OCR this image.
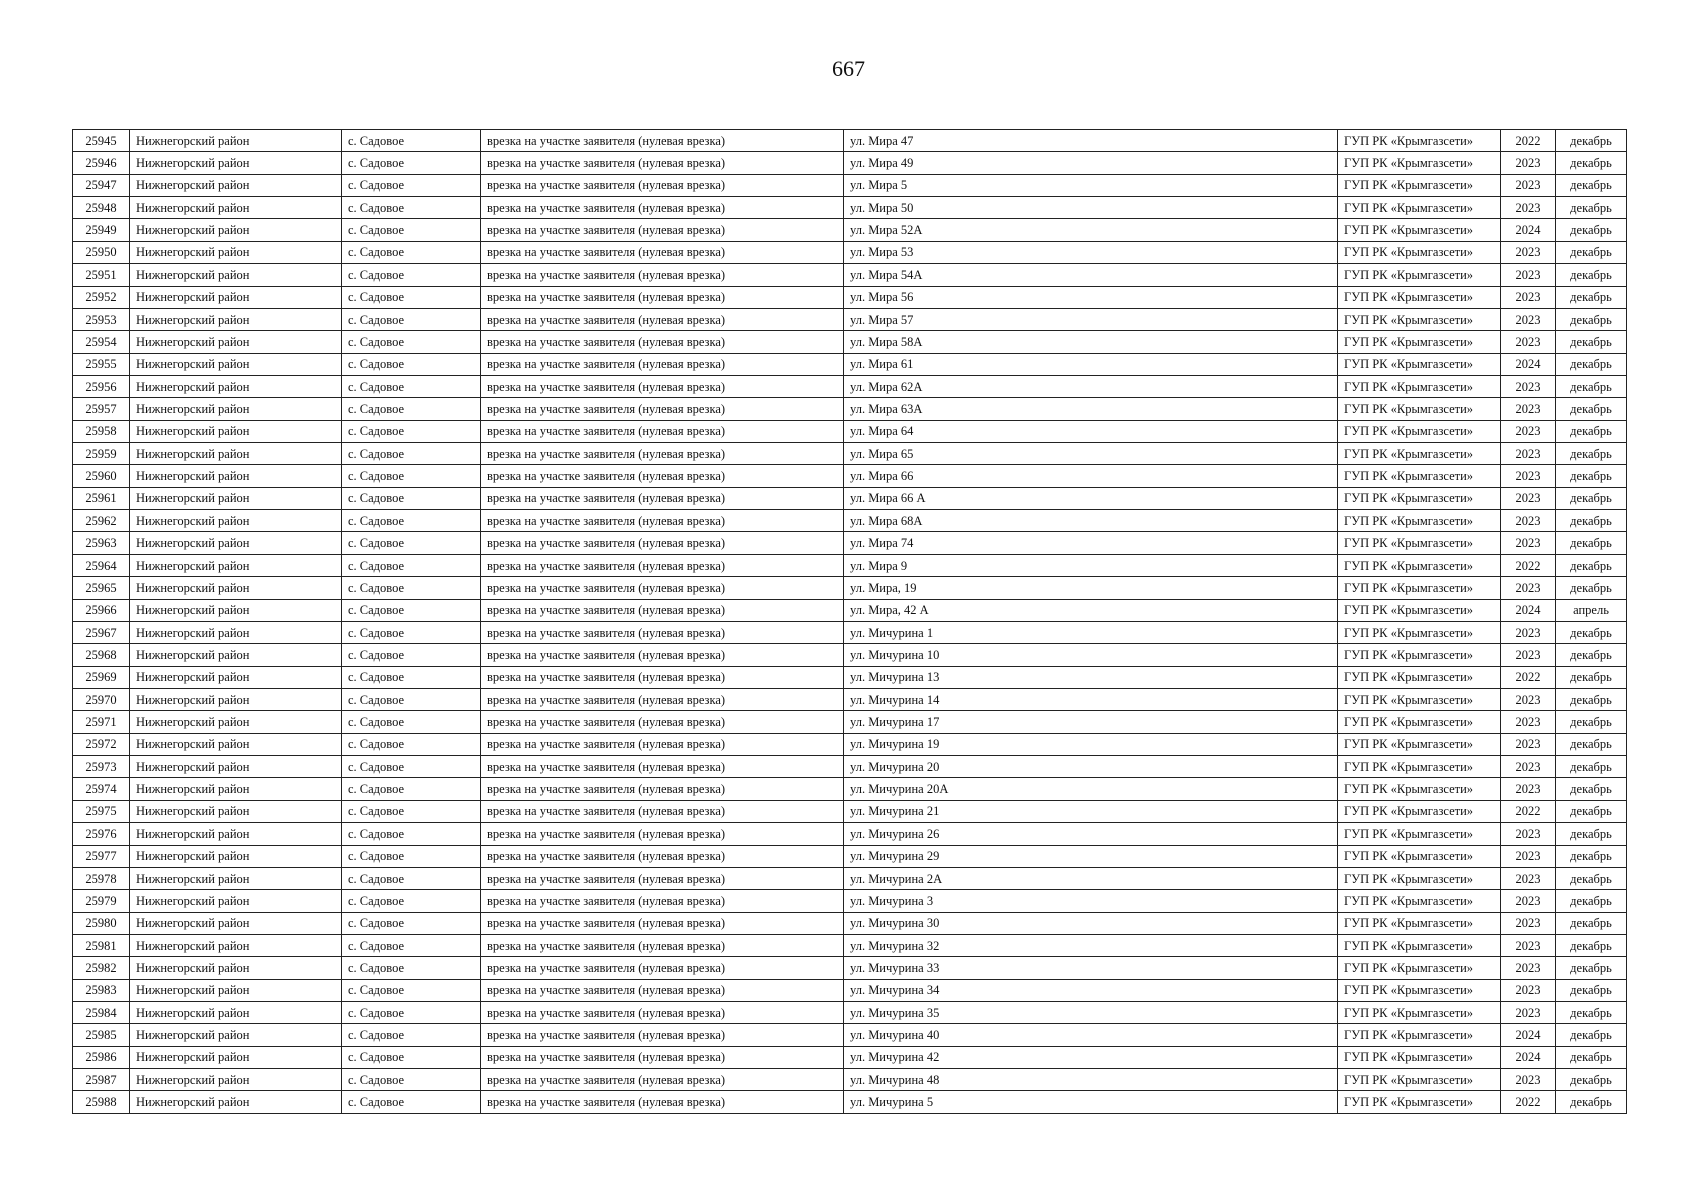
667
25945	Нижнегорский район	с. Садовое	врезка на участке заявителя (нулевая врезка)	ул. Мира 47	ГУП РК «Крымгазсети»	2022	декабрь
25946	Нижнегорский район	с. Садовое	врезка на участке заявителя (нулевая врезка)	ул. Мира 49	ГУП РК «Крымгазсети»	2023	декабрь
25947	Нижнегорский район	с. Садовое	врезка на участке заявителя (нулевая врезка)	ул. Мира 5	ГУП РК «Крымгазсети»	2023	декабрь
25948	Нижнегорский район	с. Садовое	врезка на участке заявителя (нулевая врезка)	ул. Мира 50	ГУП РК «Крымгазсети»	2023	декабрь
25949	Нижнегорский район	с. Садовое	врезка на участке заявителя (нулевая врезка)	ул. Мира 52А	ГУП РК «Крымгазсети»	2024	декабрь
25950	Нижнегорский район	с. Садовое	врезка на участке заявителя (нулевая врезка)	ул. Мира 53	ГУП РК «Крымгазсети»	2023	декабрь
25951	Нижнегорский район	с. Садовое	врезка на участке заявителя (нулевая врезка)	ул. Мира 54А	ГУП РК «Крымгазсети»	2023	декабрь
25952	Нижнегорский район	с. Садовое	врезка на участке заявителя (нулевая врезка)	ул. Мира 56	ГУП РК «Крымгазсети»	2023	декабрь
25953	Нижнегорский район	с. Садовое	врезка на участке заявителя (нулевая врезка)	ул. Мира 57	ГУП РК «Крымгазсети»	2023	декабрь
25954	Нижнегорский район	с. Садовое	врезка на участке заявителя (нулевая врезка)	ул. Мира 58А	ГУП РК «Крымгазсети»	2023	декабрь
25955	Нижнегорский район	с. Садовое	врезка на участке заявителя (нулевая врезка)	ул. Мира 61	ГУП РК «Крымгазсети»	2024	декабрь
25956	Нижнегорский район	с. Садовое	врезка на участке заявителя (нулевая врезка)	ул. Мира 62А	ГУП РК «Крымгазсети»	2023	декабрь
25957	Нижнегорский район	с. Садовое	врезка на участке заявителя (нулевая врезка)	ул. Мира 63А	ГУП РК «Крымгазсети»	2023	декабрь
25958	Нижнегорский район	с. Садовое	врезка на участке заявителя (нулевая врезка)	ул. Мира 64	ГУП РК «Крымгазсети»	2023	декабрь
25959	Нижнегорский район	с. Садовое	врезка на участке заявителя (нулевая врезка)	ул. Мира 65	ГУП РК «Крымгазсети»	2023	декабрь
25960	Нижнегорский район	с. Садовое	врезка на участке заявителя (нулевая врезка)	ул. Мира 66	ГУП РК «Крымгазсети»	2023	декабрь
25961	Нижнегорский район	с. Садовое	врезка на участке заявителя (нулевая врезка)	ул. Мира 66 А	ГУП РК «Крымгазсети»	2023	декабрь
25962	Нижнегорский район	с. Садовое	врезка на участке заявителя (нулевая врезка)	ул. Мира 68А	ГУП РК «Крымгазсети»	2023	декабрь
25963	Нижнегорский район	с. Садовое	врезка на участке заявителя (нулевая врезка)	ул. Мира 74	ГУП РК «Крымгазсети»	2023	декабрь
25964	Нижнегорский район	с. Садовое	врезка на участке заявителя (нулевая врезка)	ул. Мира 9	ГУП РК «Крымгазсети»	2022	декабрь
25965	Нижнегорский район	с. Садовое	врезка на участке заявителя (нулевая врезка)	ул. Мира, 19	ГУП РК «Крымгазсети»	2023	декабрь
25966	Нижнегорский район	с. Садовое	врезка на участке заявителя (нулевая врезка)	ул. Мира, 42 А	ГУП РК «Крымгазсети»	2024	апрель
25967	Нижнегорский район	с. Садовое	врезка на участке заявителя (нулевая врезка)	ул. Мичурина 1	ГУП РК «Крымгазсети»	2023	декабрь
25968	Нижнегорский район	с. Садовое	врезка на участке заявителя (нулевая врезка)	ул. Мичурина 10	ГУП РК «Крымгазсети»	2023	декабрь
25969	Нижнегорский район	с. Садовое	врезка на участке заявителя (нулевая врезка)	ул. Мичурина 13	ГУП РК «Крымгазсети»	2022	декабрь
25970	Нижнегорский район	с. Садовое	врезка на участке заявителя (нулевая врезка)	ул. Мичурина 14	ГУП РК «Крымгазсети»	2023	декабрь
25971	Нижнегорский район	с. Садовое	врезка на участке заявителя (нулевая врезка)	ул. Мичурина 17	ГУП РК «Крымгазсети»	2023	декабрь
25972	Нижнегорский район	с. Садовое	врезка на участке заявителя (нулевая врезка)	ул. Мичурина 19	ГУП РК «Крымгазсети»	2023	декабрь
25973	Нижнегорский район	с. Садовое	врезка на участке заявителя (нулевая врезка)	ул. Мичурина 20	ГУП РК «Крымгазсети»	2023	декабрь
25974	Нижнегорский район	с. Садовое	врезка на участке заявителя (нулевая врезка)	ул. Мичурина 20А	ГУП РК «Крымгазсети»	2023	декабрь
25975	Нижнегорский район	с. Садовое	врезка на участке заявителя (нулевая врезка)	ул. Мичурина 21	ГУП РК «Крымгазсети»	2022	декабрь
25976	Нижнегорский район	с. Садовое	врезка на участке заявителя (нулевая врезка)	ул. Мичурина 26	ГУП РК «Крымгазсети»	2023	декабрь
25977	Нижнегорский район	с. Садовое	врезка на участке заявителя (нулевая врезка)	ул. Мичурина 29	ГУП РК «Крымгазсети»	2023	декабрь
25978	Нижнегорский район	с. Садовое	врезка на участке заявителя (нулевая врезка)	ул. Мичурина 2А	ГУП РК «Крымгазсети»	2023	декабрь
25979	Нижнегорский район	с. Садовое	врезка на участке заявителя (нулевая врезка)	ул. Мичурина 3	ГУП РК «Крымгазсети»	2023	декабрь
25980	Нижнегорский район	с. Садовое	врезка на участке заявителя (нулевая врезка)	ул. Мичурина 30	ГУП РК «Крымгазсети»	2023	декабрь
25981	Нижнегорский район	с. Садовое	врезка на участке заявителя (нулевая врезка)	ул. Мичурина 32	ГУП РК «Крымгазсети»	2023	декабрь
25982	Нижнегорский район	с. Садовое	врезка на участке заявителя (нулевая врезка)	ул. Мичурина 33	ГУП РК «Крымгазсети»	2023	декабрь
25983	Нижнегорский район	с. Садовое	врезка на участке заявителя (нулевая врезка)	ул. Мичурина 34	ГУП РК «Крымгазсети»	2023	декабрь
25984	Нижнегорский район	с. Садовое	врезка на участке заявителя (нулевая врезка)	ул. Мичурина 35	ГУП РК «Крымгазсети»	2023	декабрь
25985	Нижнегорский район	с. Садовое	врезка на участке заявителя (нулевая врезка)	ул. Мичурина 40	ГУП РК «Крымгазсети»	2024	декабрь
25986	Нижнегорский район	с. Садовое	врезка на участке заявителя (нулевая врезка)	ул. Мичурина 42	ГУП РК «Крымгазсети»	2024	декабрь
25987	Нижнегорский район	с. Садовое	врезка на участке заявителя (нулевая врезка)	ул. Мичурина 48	ГУП РК «Крымгазсети»	2023	декабрь
25988	Нижнегорский район	с. Садовое	врезка на участке заявителя (нулевая врезка)	ул. Мичурина 5	ГУП РК «Крымгазсети»	2022	декабрь
